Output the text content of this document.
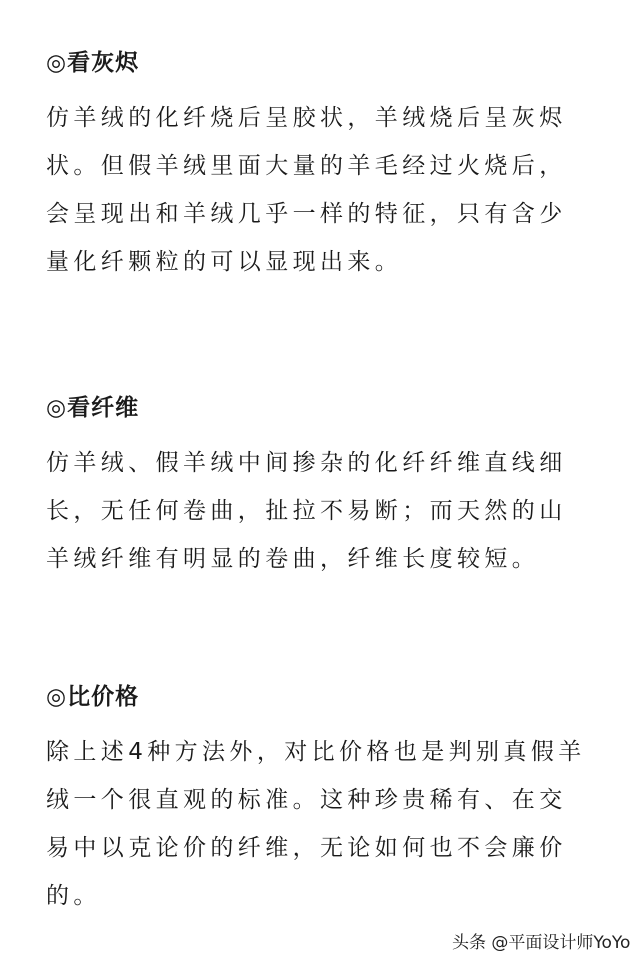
◎看灰烬
仿羊绒的化纤烧后呈胶状，羊绒烧后呈灰烬
状。但假羊绒里面大量的羊毛经过火烧后，
会呈现出和羊绒几乎一样的特征，只有含少
量化纤颗粒的可以显现出来。
◎看纤维
仿羊绒、假羊绒中间掺杂的化纤纤维直线细
长，无任何卷曲，扯拉不易断；而天然的山
羊绒纤维有明显的卷曲，纤维长度较短。
◎比价格
除上述4种方法外，对比价格也是判别真假羊
绒一个很直观的标准。这种珍贵稀有、在交
易中以克论价的纤维，无论如何也不会廉价
的。
头条 @平面设计师YoYo
